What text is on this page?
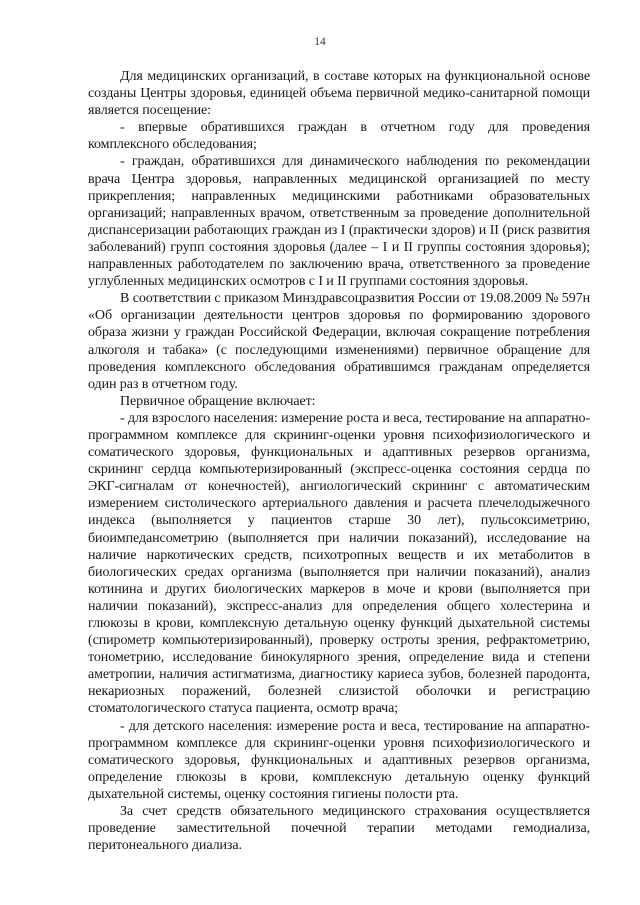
14

Для медицинских организаций, в составе которых на функциональной основе созданы Центры здоровья, единицей объема первичной медико-санитарной помощи является посещение:

- впервые обратившихся граждан в отчетном году для проведения комплексного обследования;

- граждан, обратившихся для динамического наблюдения по рекомендации врача Центра здоровья, направленных медицинской организацией по месту прикрепления; направленных медицинскими работниками образовательных организаций; направленных врачом, ответственным за проведение дополнительной диспансеризации работающих граждан из I (практически здоров) и II (риск развития заболеваний) групп состояния здоровья (далее – I и II группы состояния здоровья); направленных работодателем по заключению врача, ответственного за проведение углубленных медицинских осмотров с I и II группами состояния здоровья.

В соответствии с приказом Минздравсоцразвития России от 19.08.2009 № 597н «Об организации деятельности центров здоровья по формированию здорового образа жизни у граждан Российской Федерации, включая сокращение потребления алкоголя и табака» (с последующими изменениями) первичное обращение для проведения комплексного обследования обратившимся гражданам определяется один раз в отчетном году.

Первичное обращение включает:

- для взрослого населения: измерение роста и веса, тестирование на аппаратно-программном комплексе для скрининг-оценки уровня психофизиологического и соматического здоровья, функциональных и адаптивных резервов организма, скрининг сердца компьютеризированный (экспресс-оценка состояния сердца по ЭКГ-сигналам от конечностей), ангиологический скрининг с автоматическим измерением систолического артериального давления и расчета плечелодыжечного индекса (выполняется у пациентов старше 30 лет), пульсоксиметрию, биоимпедансометрию (выполняется при наличии показаний), исследование на наличие наркотических средств, психотропных веществ и их метаболитов в биологических средах организма (выполняется при наличии показаний), анализ котинина и других биологических маркеров в моче и крови (выполняется при наличии показаний), экспресс-анализ для определения общего холестерина и глюкозы в крови, комплексную детальную оценку функций дыхательной системы (спирометр компьютеризированный), проверку остроты зрения, рефрактометрию, тонометрию, исследование бинокулярного зрения, определение вида и степени аметропии, наличия астигматизма, диагностику кариеса зубов, болезней пародонта, некариозных поражений, болезней слизистой оболочки и регистрацию стоматологического статуса пациента, осмотр врача;

- для детского населения: измерение роста и веса, тестирование на аппаратно-программном комплексе для скрининг-оценки уровня психофизиологического и соматического здоровья, функциональных и адаптивных резервов организма, определение глюкозы в крови, комплексную детальную оценку функций дыхательной системы, оценку состояния гигиены полости рта.

За счет средств обязательного медицинского страхования осуществляется проведение заместительной почечной терапии методами гемодиализа, перитонеального диализа.
